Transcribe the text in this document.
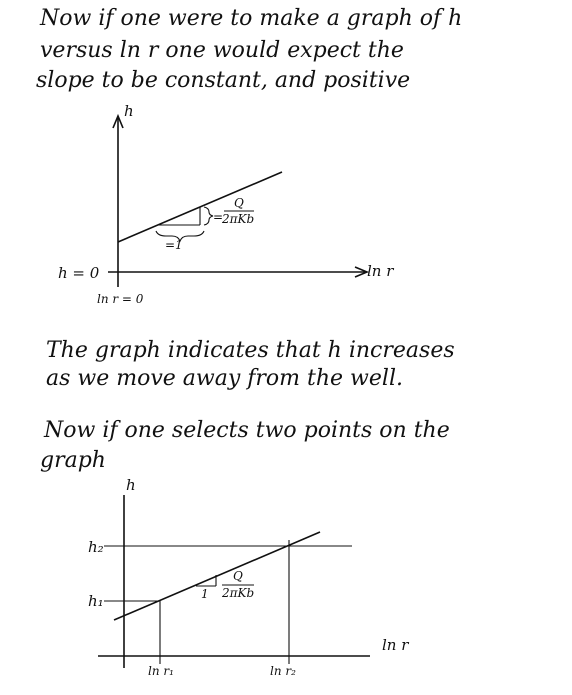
Now if one were to make a graph of h
versus ln r one would expect the
slope to be constant, and positive
h
ln r
h = 0
ln r = 0
=
Q
2πKb
=1
The graph indicates that h increases
as we move away from the well.
Now if one selects two points on the
graph
h
ln r
h₂
h₁
ln r₁	ln r₂
1
Q
2πKb
